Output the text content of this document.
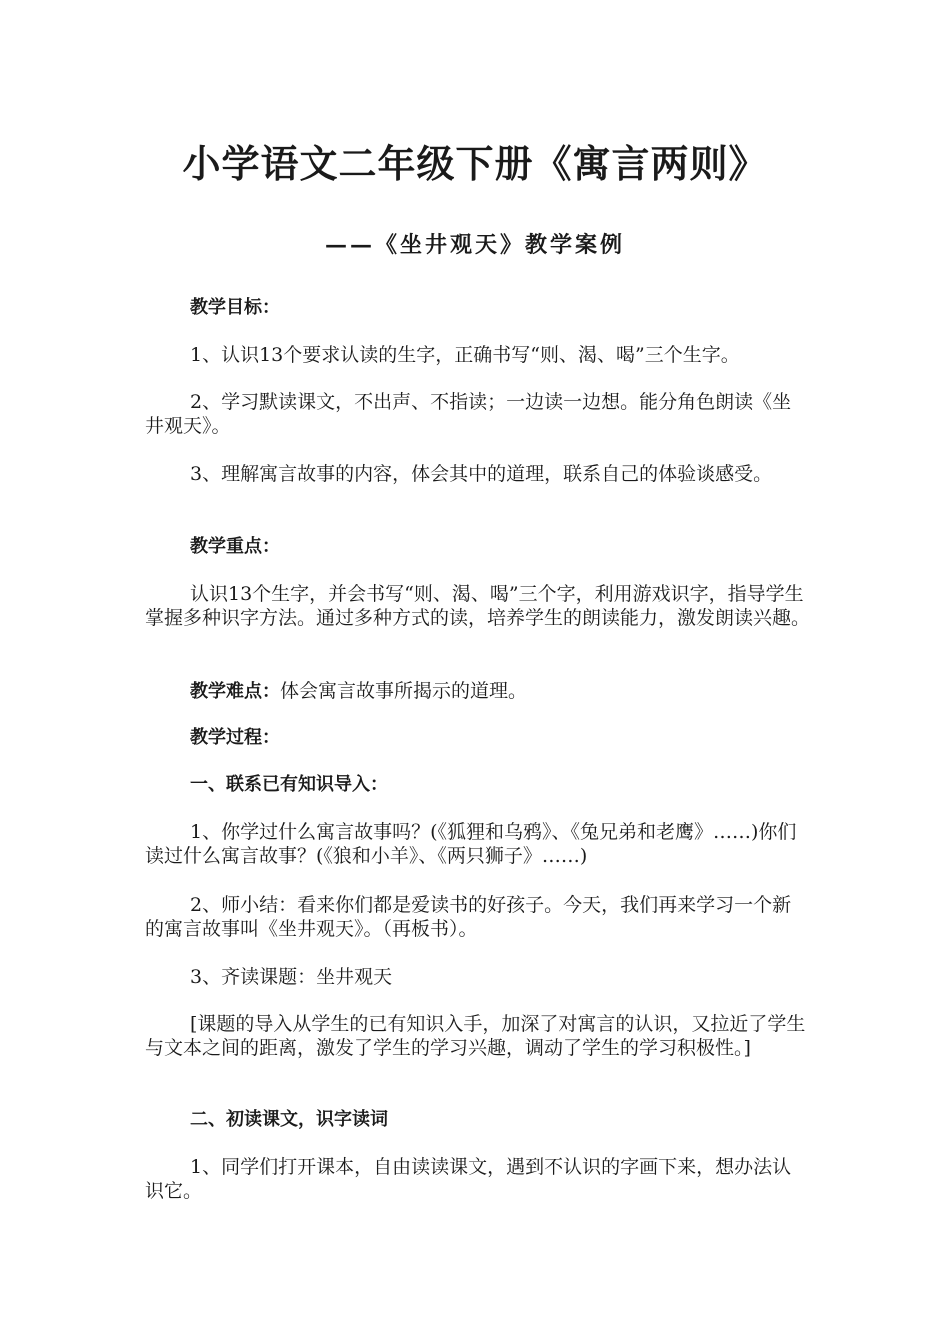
小学语文二年级下册《寓言两则》
——《坐井观天》教学案例

教学目标：

1、认识13个要求认读的生字，正确书写“则、渴、喝”三个生字。

2、学习默读课文，不出声、不指读；一边读一边想。能分角色朗读《坐井观天》。

3、理解寓言故事的内容，体会其中的道理，联系自己的体验谈感受。

教学重点：

认识13个生字，并会书写“则、渴、喝”三个字，利用游戏识字，指导学生掌握多种识字方法。通过多种方式的读，培养学生的朗读能力，激发朗读兴趣。

教学难点：体会寓言故事所揭示的道理。

教学过程：

一、联系已有知识导入：

1、你学过什么寓言故事吗？(《狐狸和乌鸦》、《兔兄弟和老鹰》……)你们读过什么寓言故事？(《狼和小羊》、《两只狮子》……)

2、师小结：看来你们都是爱读书的好孩子。今天，我们再来学习一个新的寓言故事叫《坐井观天》。（再板书）。

3、齐读课题：坐井观天

[课题的导入从学生的已有知识入手，加深了对寓言的认识，又拉近了学生与文本之间的距离，激发了学生的学习兴趣，调动了学生的学习积极性。]

二、初读课文，识字读词

1、同学们打开课本，自由读读课文，遇到不认识的字画下来，想办法认识它。
